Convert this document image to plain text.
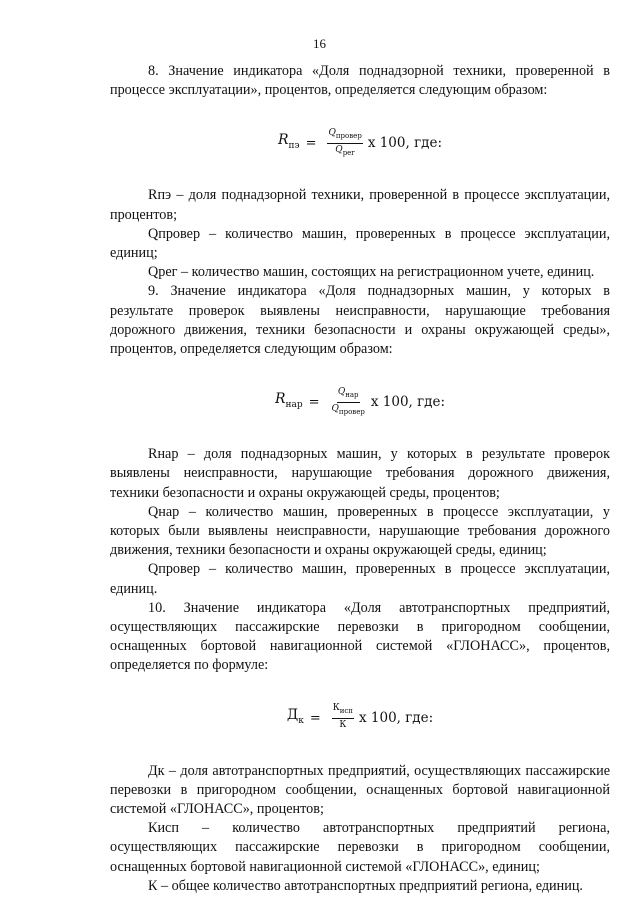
16

8. Значение индикатора «Доля поднадзорной техники, проверенной в процессе эксплуатации», процентов, определяется следующим образом:

$R_{пэ} = \frac{Q_{провер}}{Q_{рег}}$ х 100, где:

Rпэ – доля поднадзорной техники, проверенной в процессе эксплуатации, процентов;

Qпровер – количество машин, проверенных в процессе эксплуатации, единиц;

Qрег – количество машин, состоящих на регистрационном учете, единиц.

9. Значение индикатора «Доля поднадзорных машин, у которых в результате проверок выявлены неисправности, нарушающие требования дорожного движения, техники безопасности и охраны окружающей среды», процентов, определяется следующим образом:

$R_{нар} = \frac{Q_{нар}}{Q_{провер}}$ х 100, где:

Rнар – доля поднадзорных машин, у которых в результате проверок выявлены неисправности, нарушающие требования дорожного движения, техники безопасности и охраны окружающей среды, процентов;

Qнар – количество машин, проверенных в процессе эксплуатации, у которых были выявлены неисправности, нарушающие требования дорожного движения, техники безопасности и охраны окружающей среды, единиц;

Qпровер – количество машин, проверенных в процессе эксплуатации, единиц.

10. Значение индикатора «Доля автотранспортных предприятий, осуществляющих пассажирские перевозки в пригородном сообщении, оснащенных бортовой навигационной системой «ГЛОНАСС», процентов, определяется по формуле:

$Д_к = \frac{К_{исп}}{К}$ х 100, где:

Дк – доля автотранспортных предприятий, осуществляющих пассажирские перевозки в пригородном сообщении, оснащенных бортовой навигационной системой «ГЛОНАСС», процентов;

Кисп – количество автотранспортных предприятий региона, осуществляющих пассажирские перевозки в пригородном сообщении, оснащенных бортовой навигационной системой «ГЛОНАСС», единиц;

К – общее количество автотранспортных предприятий региона, единиц.
